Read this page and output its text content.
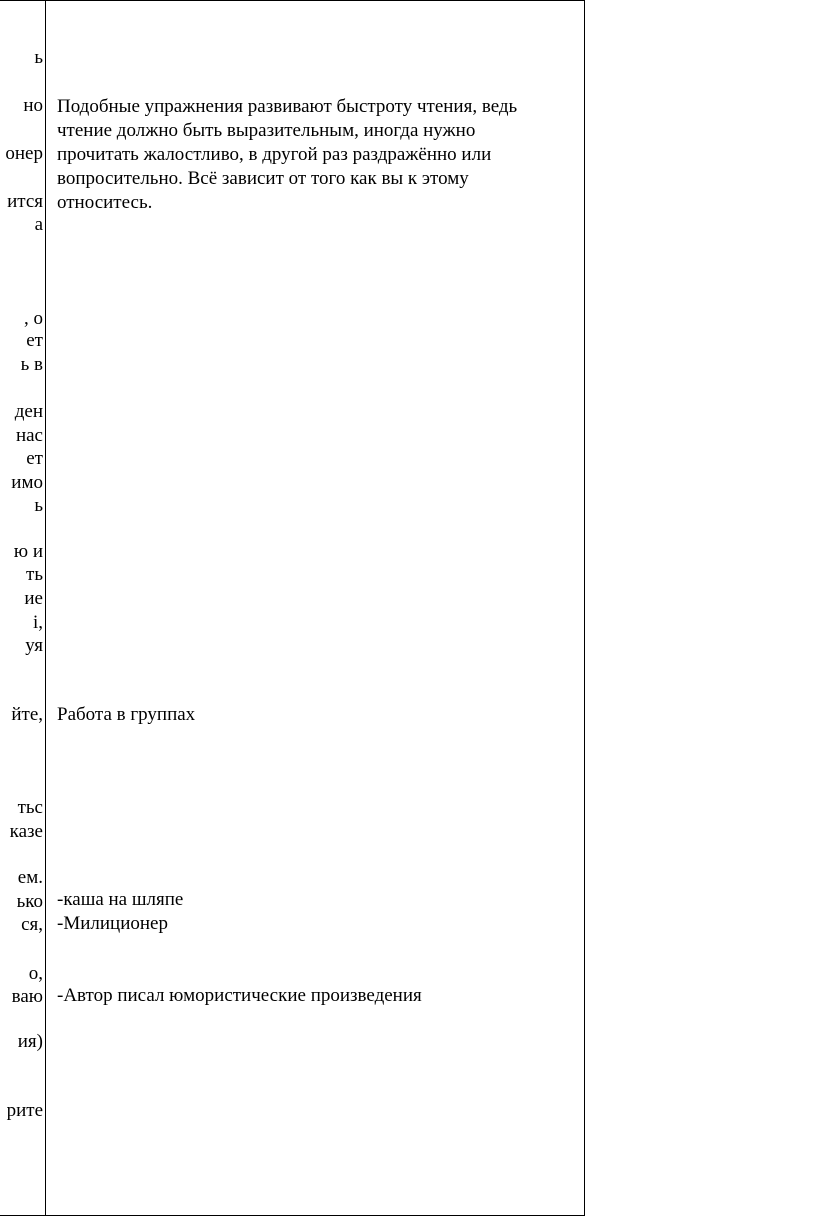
ь
но
онер
ится
а
, о
ет
ь в
ден
нас
ет
имо
ь
ю и
ть
ие
і,
уя
йте,
тьс
казе
ем.
ько
ся,
о,
ваю
ия)
рите
Подобные упражнения развивают быстроту чтения, ведь
чтение должно быть выразительным, иногда нужно
прочитать жалостливо, в другой раз раздражённо или
вопросительно. Всё зависит от того как вы к этому
относитесь.
Работа в группах
-каша на шляпе
-Милиционер
-Автор писал юмористические произведения
